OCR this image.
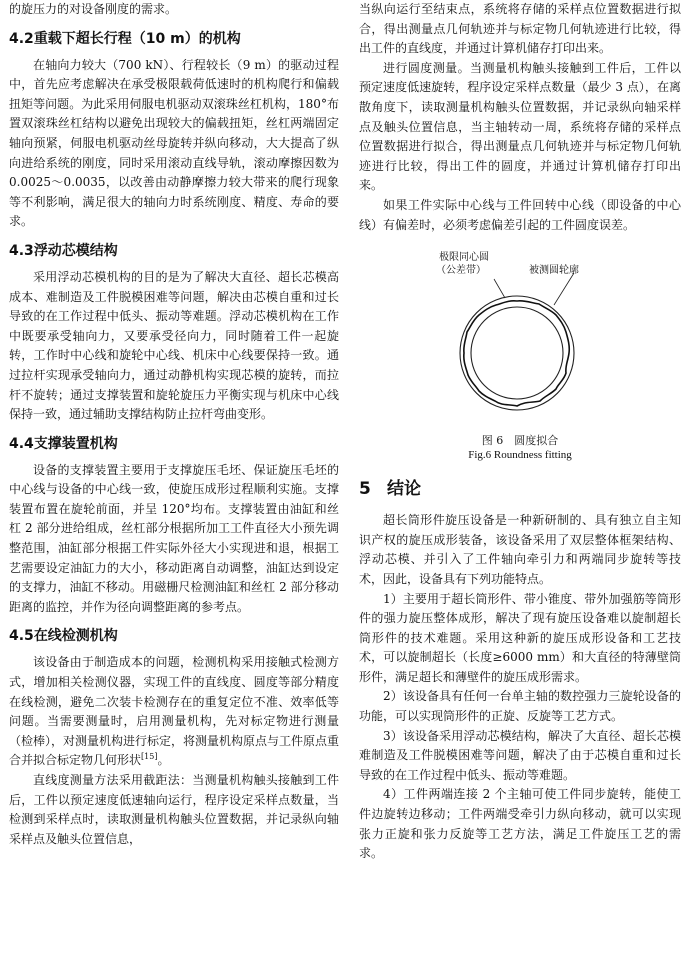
的旋压力的对设备刚度的需求。

4.2重载下超长行程（10 m）的机构

在轴向力较大（700 kN）、行程较长（9 m）的驱动过程中，首先应考虑解决在承受极限载荷低速时的机构爬行和偏载扭矩等问题。为此采用伺服电机驱动双滚珠丝杠机构，180°布置双滚珠丝杠结构以避免出现较大的偏载扭矩，丝杠两端固定轴向预紧，伺服电机驱动丝母旋转并纵向移动，大大提高了纵向进给系统的刚度，同时采用滚动直线导轨，滚动摩擦因数为0.0025～0.0035，以改善由动静摩擦力较大带来的爬行现象等不利影响，满足很大的轴向力时系统刚度、精度、寿命的要求。

4.3浮动芯模结构

采用浮动芯模机构的目的是为了解决大直径、超长芯模高成本、难制造及工件脱模困难等问题，解决由芯模自重和过长导致的在工作过程中低头、振动等难题。浮动芯模机构在工作中既要承受轴向力，又要承受径向力，同时随着工件一起旋转，工作时中心线和旋轮中心线、机床中心线要保持一致。通过拉杆实现承受轴向力，通过动静机构实现芯模的旋转，而拉杆不旋转；通过支撑装置和旋轮旋压力平衡实现与机床中心线保持一致，通过辅助支撑结构防止拉杆弯曲变形。

4.4支撑装置机构

设备的支撑装置主要用于支撑旋压毛坯、保证旋压毛坯的中心线与设备的中心线一致，使旋压成形过程顺利实施。支撑装置布置在旋轮前面，并呈 120°均布。支撑装置由油缸和丝杠 2 部分进给组成，丝杠部分根据所加工工件直径大小预先调整范围，油缸部分根据工件实际外径大小实现进和退，根据工艺需要设定油缸力的大小，移动距离自动调整，油缸达到设定的支撑力，油缸不移动。用磁栅尺检测油缸和丝杠 2 部分移动距离的监控，并作为径向调整距离的参考点。

4.5在线检测机构

该设备由于制造成本的问题，检测机构采用接触式检测方式，增加相关检测仪器，实现工件的直线度、圆度等部分精度在线检测，避免二次装卡检测存在的重复定位不准、效率低等问题。当需要测量时，启用测量机构，先对标定物进行测量（检棒），对测量机构进行标定，将测量机构原点与工件原点重合并拟合标定物几何形状[15]。

直线度测量方法采用截距法：当测量机构触头接触到工件后，工件以预定速度低速轴向运行，程序设定采样点数量，当检测到采样点时，读取测量机构触头位置数据，并记录纵向轴采样点及触头位置信息，

当纵向运行至结束点，系统将存储的采样点位置数据进行拟合，得出测量点几何轨迹并与标定物几何轨迹进行比较，得出工件的直线度，并通过计算机储存打印出来。

进行圆度测量。当测量机构触头接触到工件后，工件以预定速度低速旋转，程序设定采样点数量（最少 3 点），在离散角度下，读取测量机构触头位置数据，并记录纵向轴采样点及触头位置信息，当主轴转动一周，系统将存储的采样点位置数据进行拟合，得出测量点几何轨迹并与标定物几何轨迹进行比较，得出工件的圆度，并通过计算机储存打印出来。

如果工件实际中心线与工件回转中心线（即设备的中心线）有偏差时，必须考虑偏差引起的工件圆度误差。

极限同心圆
（公差带）	被测圆轮廓

图 6　圆度拟合

Fig.6 Roundness fitting

5 结论

超长筒形件旋压设备是一种新研制的、具有独立自主知识产权的旋压成形装备，该设备采用了双层整体框架结构、浮动芯模、并引入了工件轴向牵引力和两端同步旋转等技术，因此，设备具有下列功能特点。

1）主要用于超长筒形件、带小锥度、带外加强筋等筒形件的强力旋压整体成形，解决了现有旋压设备难以旋制超长筒形件的技术难题。采用这种新的旋压成形设备和工艺技术，可以旋制超长（长度≥6000 mm）和大直径的特薄壁筒形件，满足超长和薄壁件的旋压成形需求。

2）该设备具有任何一台单主轴的数控强力三旋轮设备的功能，可以实现筒形件的正旋、反旋等工艺方式。

3）该设备采用浮动芯模结构，解决了大直径、超长芯模难制造及工件脱模困难等问题，解决了由于芯模自重和过长导致的在工作过程中低头、振动等难题。

4）工件两端连接 2 个主轴可使工件同步旋转，能使工件边旋转边移动；工件两端受牵引力纵向移动，就可以实现张力正旋和张力反旋等工艺方法，满足工件旋压工艺的需求。
